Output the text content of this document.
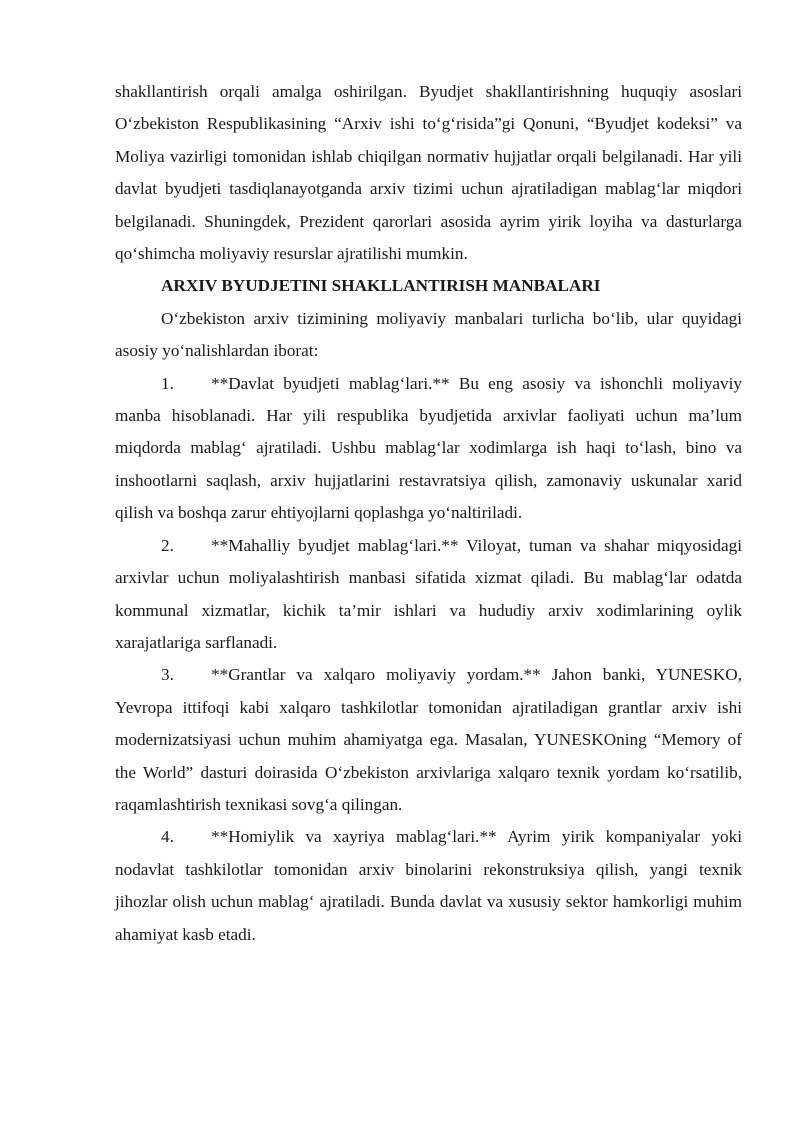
shakllantirish orqali amalga oshirilgan. Byudjet shakllantirishning huquqiy asoslari O‘zbekiston Respublikasining “Arxiv ishi to‘g‘risida”gi Qonuni, “Byudjet kodeksi” va Moliya vazirligi tomonidan ishlab chiqilgan normativ hujjatlar orqali belgilanadi. Har yili davlat byudjeti tasdiqlanayotganda arxiv tizimi uchun ajratiladigan mablag‘lar miqdori belgilanadi. Shuningdek, Prezident qarorlari asosida ayrim yirik loyiha va dasturlarga qo‘shimcha moliyaviy resurslar ajratilishi mumkin.

ARXIV BYUDJETINI SHAKLLANTIRISH MANBALARI

O‘zbekiston arxiv tizimining moliyaviy manbalari turlicha bo‘lib, ular quyidagi asosiy yo‘nalishlardan iborat:

1. **Davlat byudjeti mablag‘lari.** Bu eng asosiy va ishonchli moliyaviy manba hisoblanadi. Har yili respublika byudjetida arxivlar faoliyati uchun ma’lum miqdorda mablag‘ ajratiladi. Ushbu mablag‘lar xodimlarga ish haqi to‘lash, bino va inshootlarni saqlash, arxiv hujjatlarini restavratsiya qilish, zamonaviy uskunalar xarid qilish va boshqa zarur ehtiyojlarni qoplashga yo‘naltiriladi.

2. **Mahalliy byudjet mablag‘lari.** Viloyat, tuman va shahar miqyosidagi arxivlar uchun moliyalashtirish manbasi sifatida xizmat qiladi. Bu mablag‘lar odatda kommunal xizmatlar, kichik ta’mir ishlari va hududiy arxiv xodimlarining oylik xarajatlariga sarflanadi.

3. **Grantlar va xalqaro moliyaviy yordam.** Jahon banki, YUNESKO, Yevropa ittifoqi kabi xalqaro tashkilotlar tomonidan ajratiladigan grantlar arxiv ishi modernizatsiyasi uchun muhim ahamiyatga ega. Masalan, YUNESKOning “Memory of the World” dasturi doirasida O‘zbekiston arxivlariga xalqaro texnik yordam ko‘rsatilib, raqamlashtirish texnikasi sovg‘a qilingan.

4. **Homiylik va xayriya mablag‘lari.** Ayrim yirik kompaniyalar yoki nodavlat tashkilotlar tomonidan arxiv binolarini rekonstruksiya qilish, yangi texnik jihozlar olish uchun mablag‘ ajratiladi. Bunda davlat va xususiy sektor hamkorligi muhim ahamiyat kasb etadi.
